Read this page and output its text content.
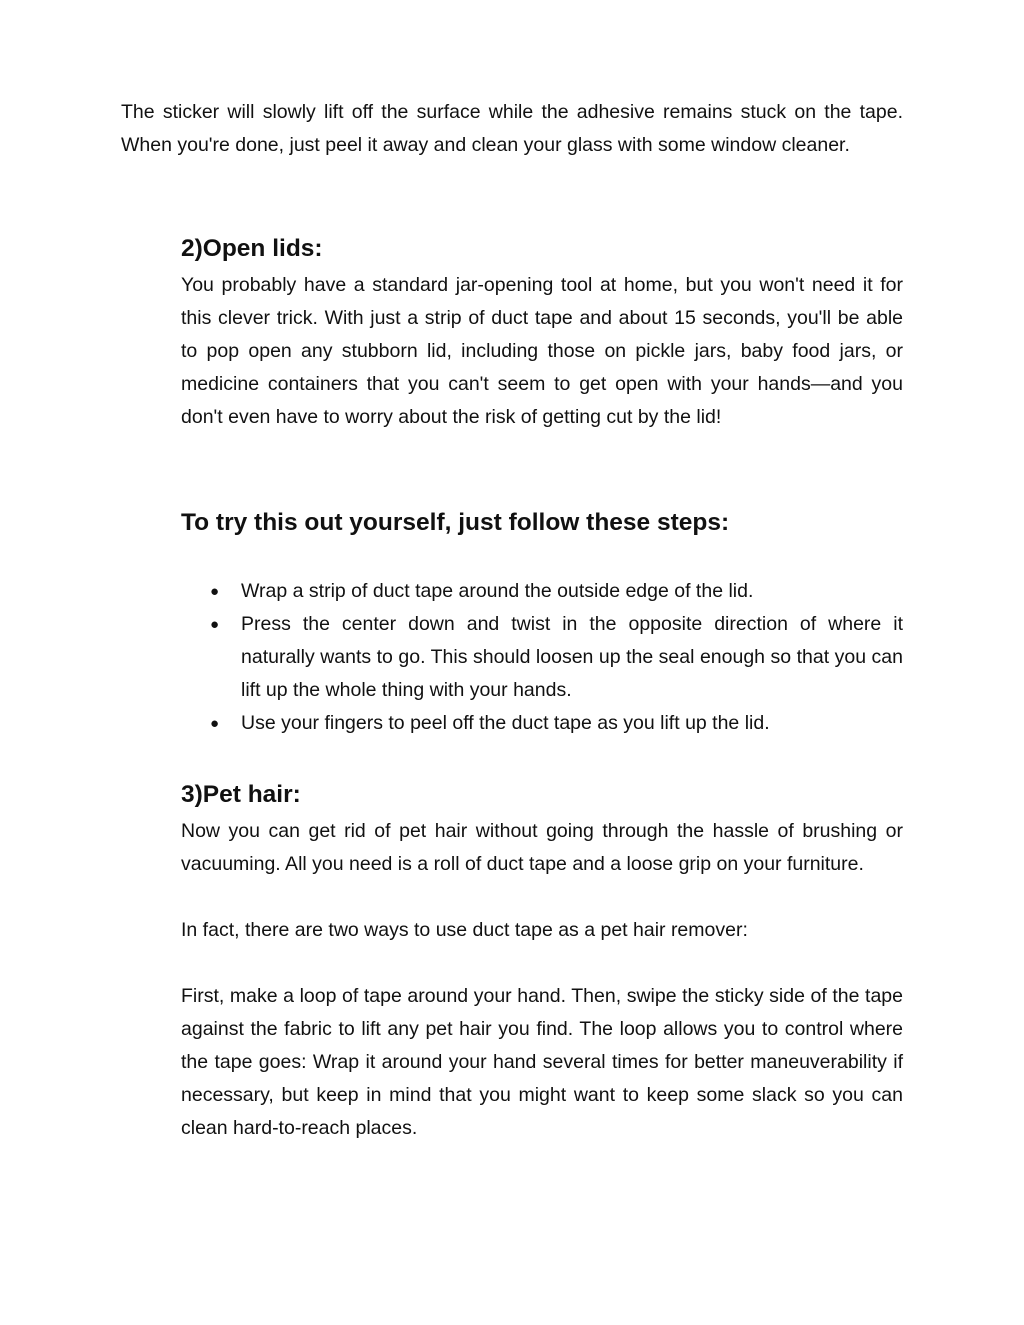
The sticker will slowly lift off the surface while the adhesive remains stuck on the tape. When you're done, just peel it away and clean your glass with some window cleaner.

2)Open lids:

You probably have a standard jar-opening tool at home, but you won't need it for this clever trick. With just a strip of duct tape and about 15 seconds, you'll be able to pop open any stubborn lid, including those on pickle jars, baby food jars, or medicine containers that you can't seem to get open with your hands—and you don't even have to worry about the risk of getting cut by the lid!

To try this out yourself, just follow these steps:
● Wrap a strip of duct tape around the outside edge of the lid.
● Press the center down and twist in the opposite direction of where it naturally wants to go. This should loosen up the seal enough so that you can lift up the whole thing with your hands.
● Use your fingers to peel off the duct tape as you lift up the lid.
3)Pet hair:

Now you can get rid of pet hair without going through the hassle of brushing or vacuuming. All you need is a roll of duct tape and a loose grip on your furniture.

In fact, there are two ways to use duct tape as a pet hair remover:

First, make a loop of tape around your hand. Then, swipe the sticky side of the tape against the fabric to lift any pet hair you find. The loop allows you to control where the tape goes: Wrap it around your hand several times for better maneuverability if necessary, but keep in mind that you might want to keep some slack so you can clean hard-to-reach places.
